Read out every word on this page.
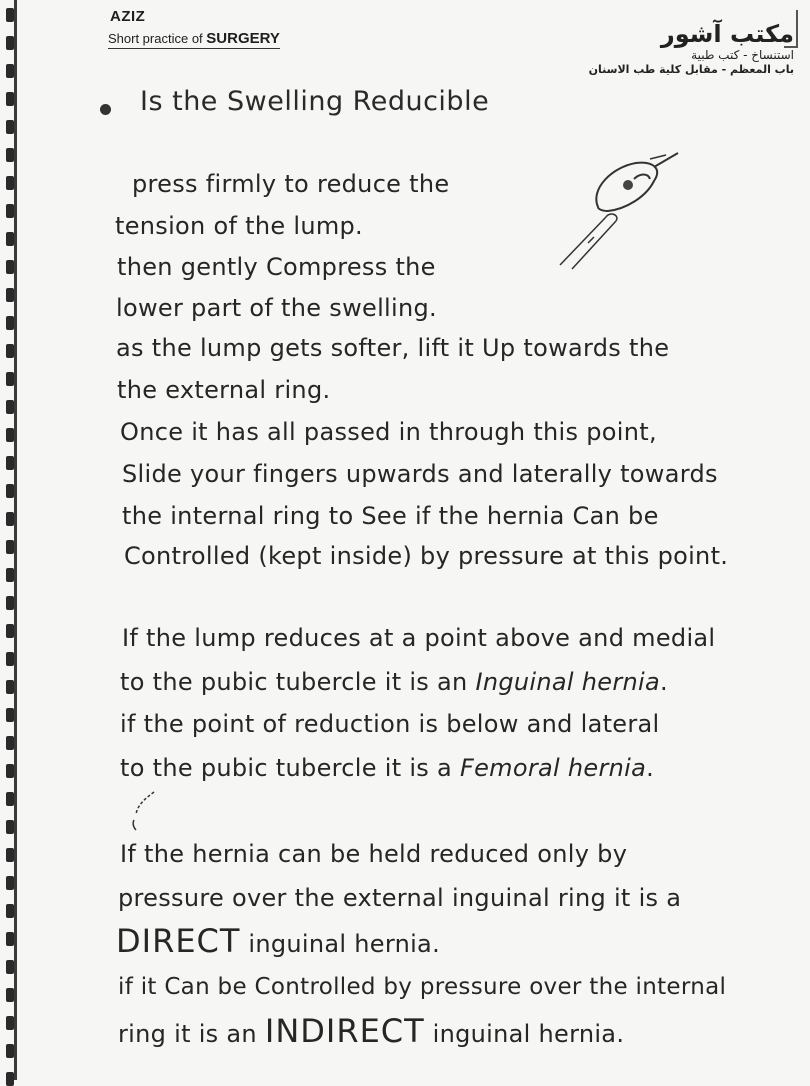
AZIZ
Short practice of SURGERY	مكتب آشور
استنساخ - كتب طبية
باب المعظم - مقابل كلية طب الاسنان
Is the Swelling Reducible
press firmly to reduce the
tension of the lump.
then gently Compress the
lower part of the swelling.
as the lump gets softer, lift it Up towards the
the external ring.
Once it has all passed in through this point,
Slide your fingers upwards and laterally towards
the internal ring to See if the hernia Can be
Controlled (kept inside) by pressure at this point.
If the lump reduces at a point above and medial
to the pubic tubercle it is an Inguinal hernia.
if the point of reduction is below and lateral
to the pubic tubercle it is a Femoral hernia.
If the hernia can be held reduced only by
pressure over the external inguinal ring it is a
DIRECT inguinal hernia.
if it Can be Controlled by pressure over the internal
ring it is an INDIRECT inguinal hernia.
